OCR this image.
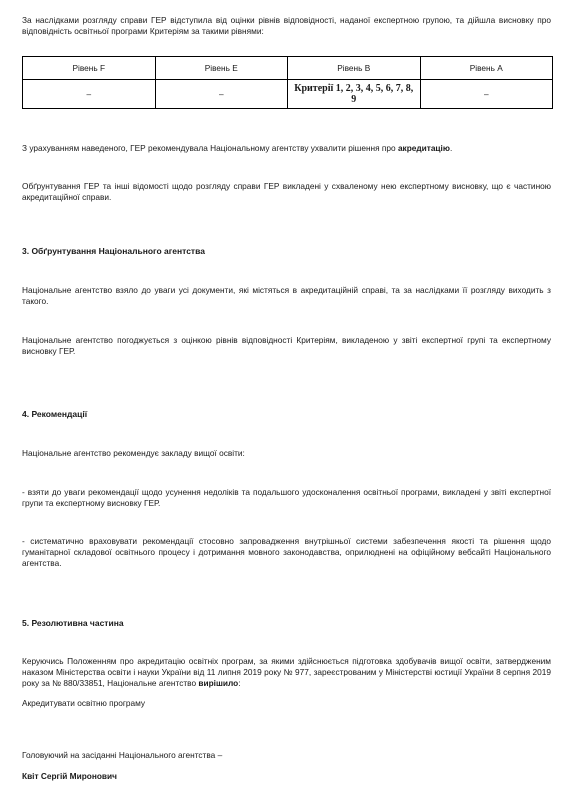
За наслідками розгляду справи ГЕР відступила від оцінки рівнів відповідності, наданої експертною групою, та дійшла висновку про відповідність освітньої програми Критеріям за такими рівнями:

Рівень F	Рівень E	Рівень B	Рівень A
–	–	Критерії 1, 2, 3, 4, 5, 6, 7, 8, 9	–

З урахуванням наведеного, ГЕР рекомендувала Національному агентству ухвалити рішення про акредитацію.

Обґрунтування ГЕР та інші відомості щодо розгляду справи ГЕР викладені у схваленому нею експертному висновку, що є частиною акредитаційної справи.

3. Обґрунтування Національного агентства

Національне агентство взяло до уваги усі документи, які містяться в акредитаційній справі, та за наслідками її розгляду виходить з такого.

Національне агентство погоджується з оцінкою рівнів відповідності Критеріям, викладеною у звіті експертної групі та експертному висновку ГЕР.

4. Рекомендації

Національне агентство рекомендує закладу вищої освіти:

- взяти до уваги рекомендації щодо усунення недоліків та подальшого удосконалення освітньої програми, викладені у звіті експертної групи та експертному висновку ГЕР.

- систематично враховувати рекомендації стосовно запровадження внутрішньої системи забезпечення якості та рішення щодо гуманітарної складової освітнього процесу і дотримання мовного законодавства, оприлюднені на офіційному вебсайті Національного агентства.

5. Резолютивна частина

Керуючись Положенням про акредитацію освітніх програм, за якими здійснюється підготовка здобувачів вищої освіти, затвердженим наказом Міністерства освіти і науки України від 11 липня 2019 року № 977, зареєстрованим у Міністерстві юстиції України 8 серпня 2019 року за № 880/33851, Національне агентство вирішило:

Акредитувати освітню програму

Головуючий на засіданні Національного агентства –

Квіт Сергій Миронович
